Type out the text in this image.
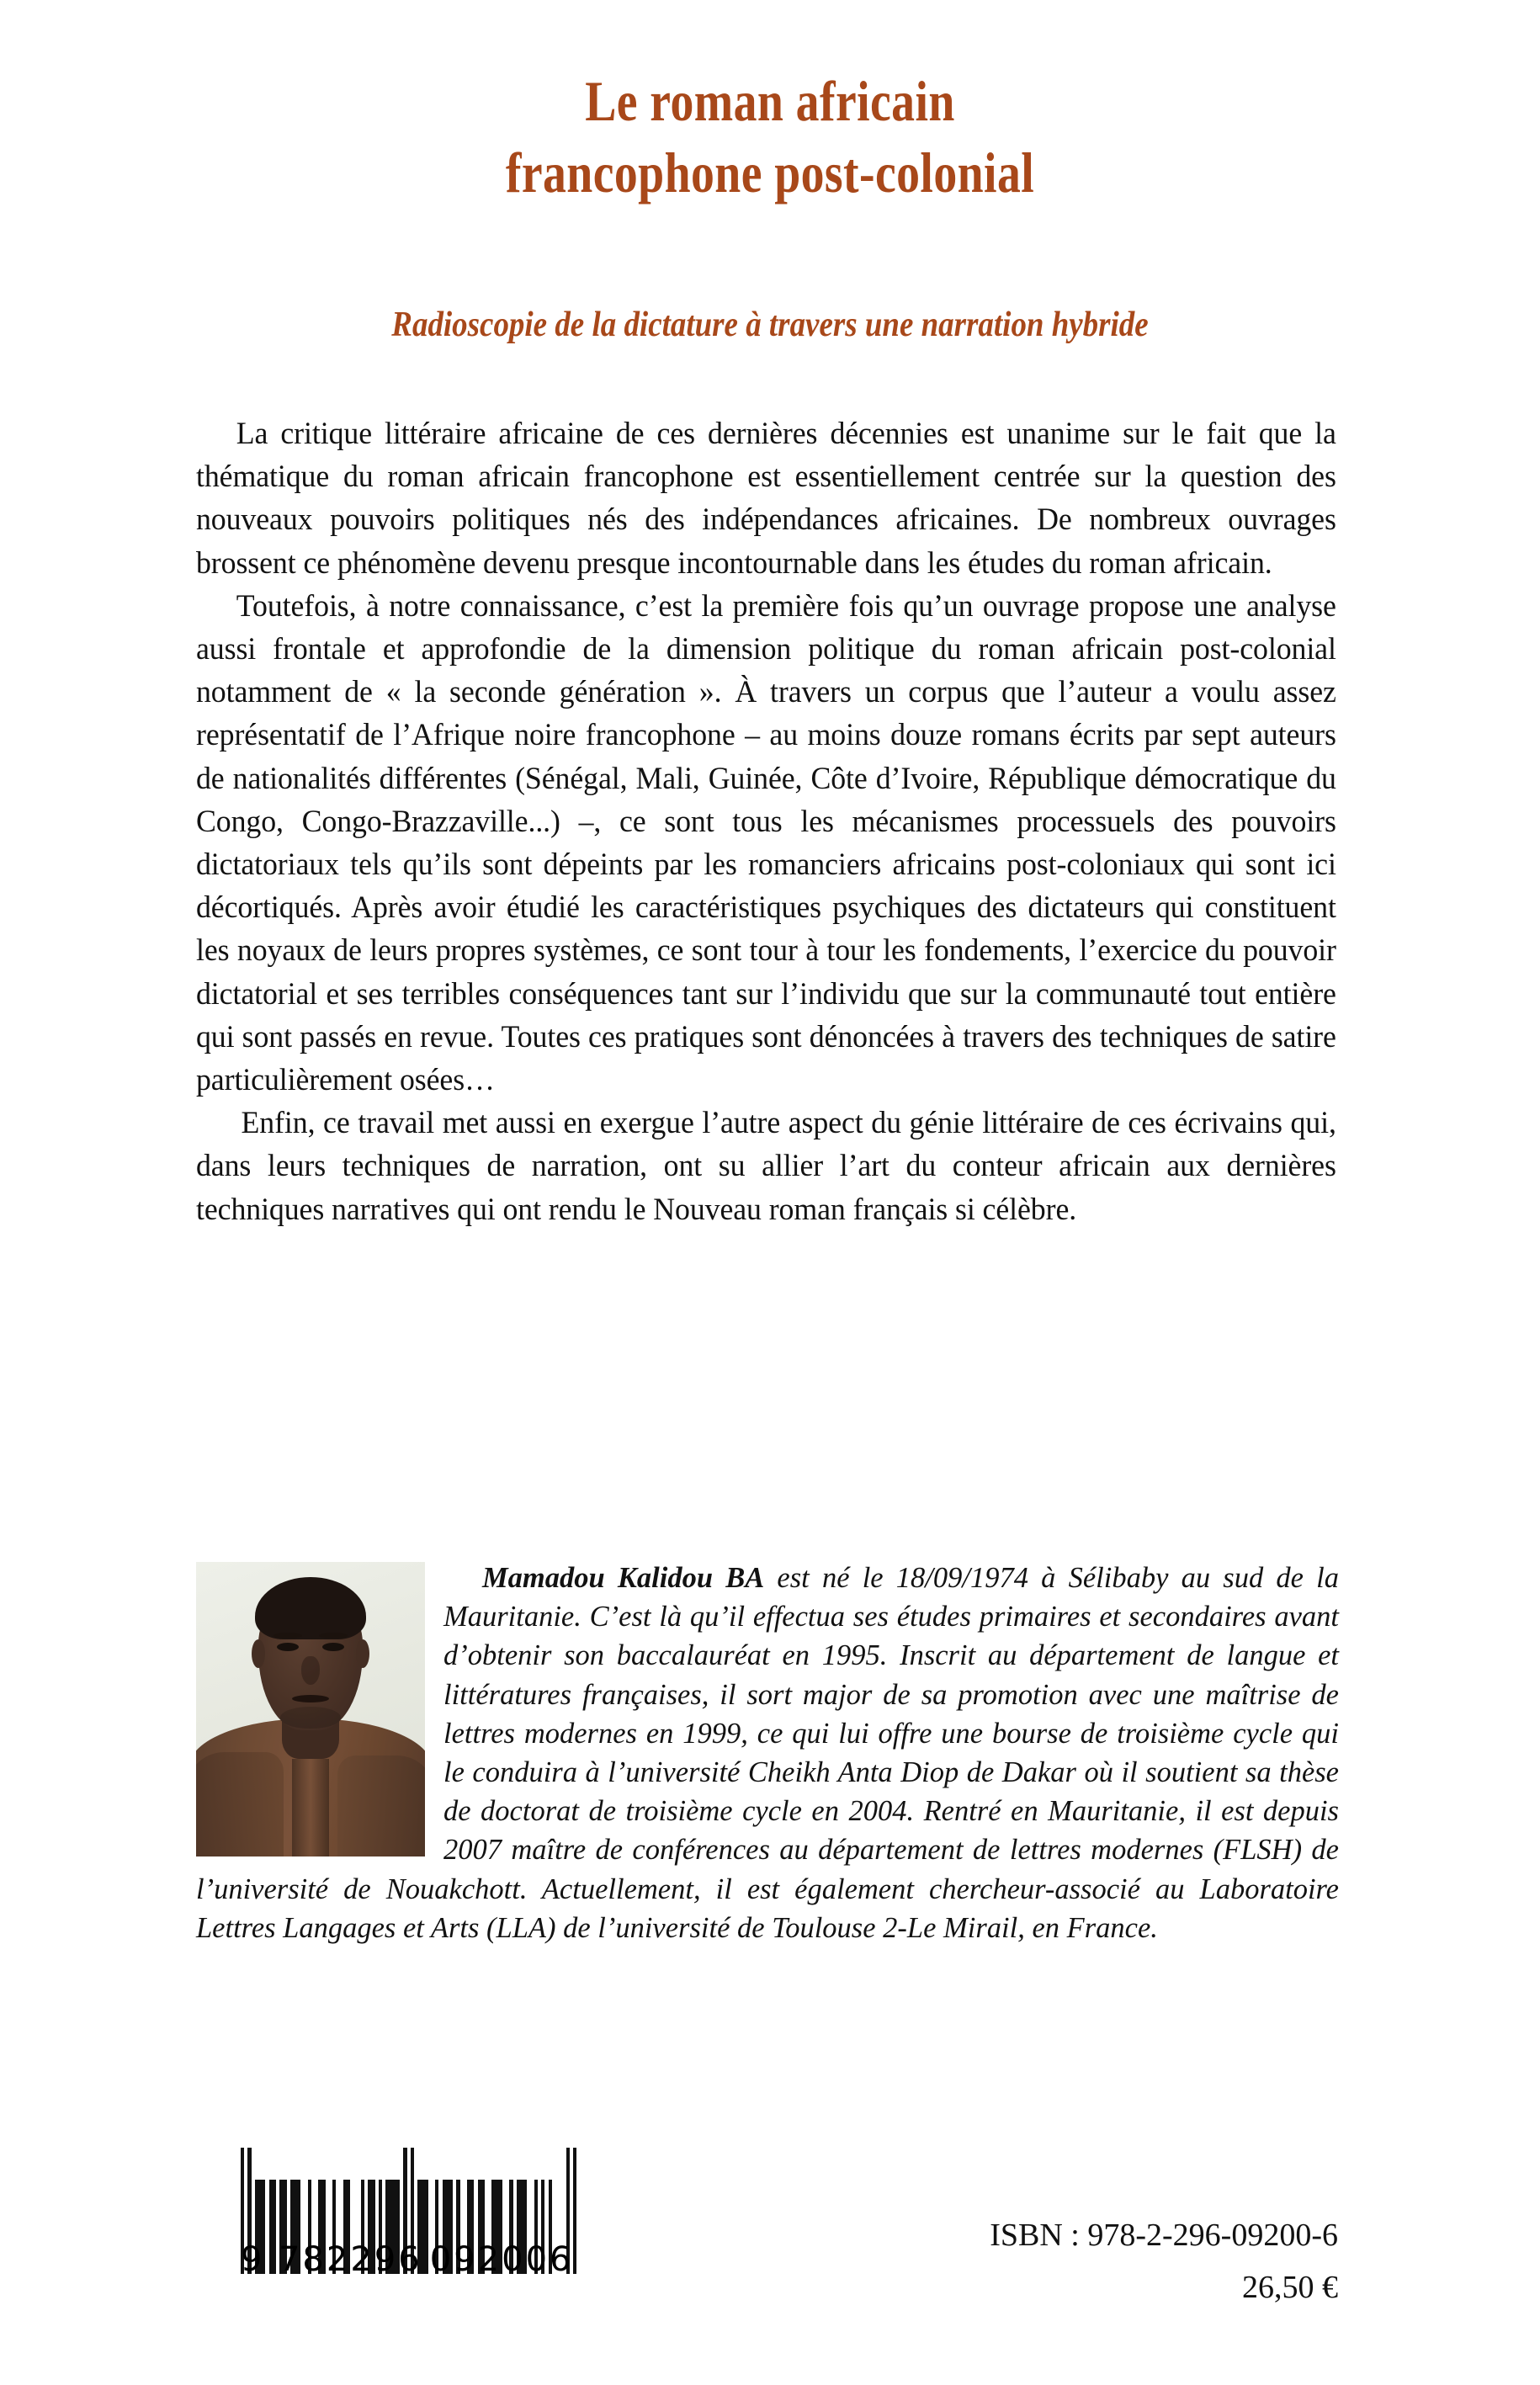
Le roman africain
francophone post-colonial
Radioscopie de la dictature à travers une narration hybride

La critique littéraire africaine de ces dernières décennies est unanime sur le fait que la thématique du roman africain francophone est essentiellement centrée sur la question des nouveaux pouvoirs politiques nés des indépendances africaines. De nombreux ouvrages brossent ce phénomène devenu presque incontournable dans les études du roman africain.

Toutefois, à notre connaissance, c’est la première fois qu’un ouvrage propose une analyse aussi frontale et approfondie de la dimension politique du roman africain post-colonial notamment de « la seconde génération ». À travers un corpus que l’auteur a voulu assez représentatif de l’Afrique noire francophone – au moins douze romans écrits par sept auteurs de nationalités différentes (Sénégal, Mali, Guinée, Côte d’Ivoire, République démocratique du Congo, Congo-Brazzaville...) –, ce sont tous les mécanismes processuels des pouvoirs dictatoriaux tels qu’ils sont dépeints par les romanciers africains post-coloniaux qui sont ici décortiqués. Après avoir étudié les caractéristiques psychiques des dictateurs qui constituent les noyaux de leurs propres systèmes, ce sont tour à tour les fondements, l’exercice du pouvoir dictatorial et ses terribles conséquences tant sur l’individu que sur la communauté tout entière qui sont passés en revue. Toutes ces pratiques sont dénoncées à travers des techniques de satire particulièrement osées…

Enfin, ce travail met aussi en exergue l’autre aspect du génie littéraire de ces écrivains qui, dans leurs techniques de narration, ont su allier l’art du conteur africain aux dernières techniques narratives qui ont rendu le Nouveau roman français si célèbre.

Mamadou Kalidou BA est né le 18/09/1974 à Sélibaby au sud de la Mauritanie. C’est là qu’il effectua ses études primaires et secondaires avant d’obtenir son baccalauréat en 1995. Inscrit au département de langue et littératures françaises, il sort major de sa promotion avec une maîtrise de lettres modernes en 1999, ce qui lui offre une bourse de troisième cycle qui le conduira à l’université Cheikh Anta Diop de Dakar où il soutient sa thèse de doctorat de troisième cycle en 2004. Rentré en Mauritanie, il est depuis 2007 maître de conférences au département de lettres modernes (FLSH) de l’université de Nouakchott. Actuellement, il est également chercheur-associé au Laboratoire Lettres Langages et Arts (LLA) de l’université de Toulouse 2-Le Mirail, en France.

9 782296 092006
ISBN : 978-2-296-09200-6
26,50 €
